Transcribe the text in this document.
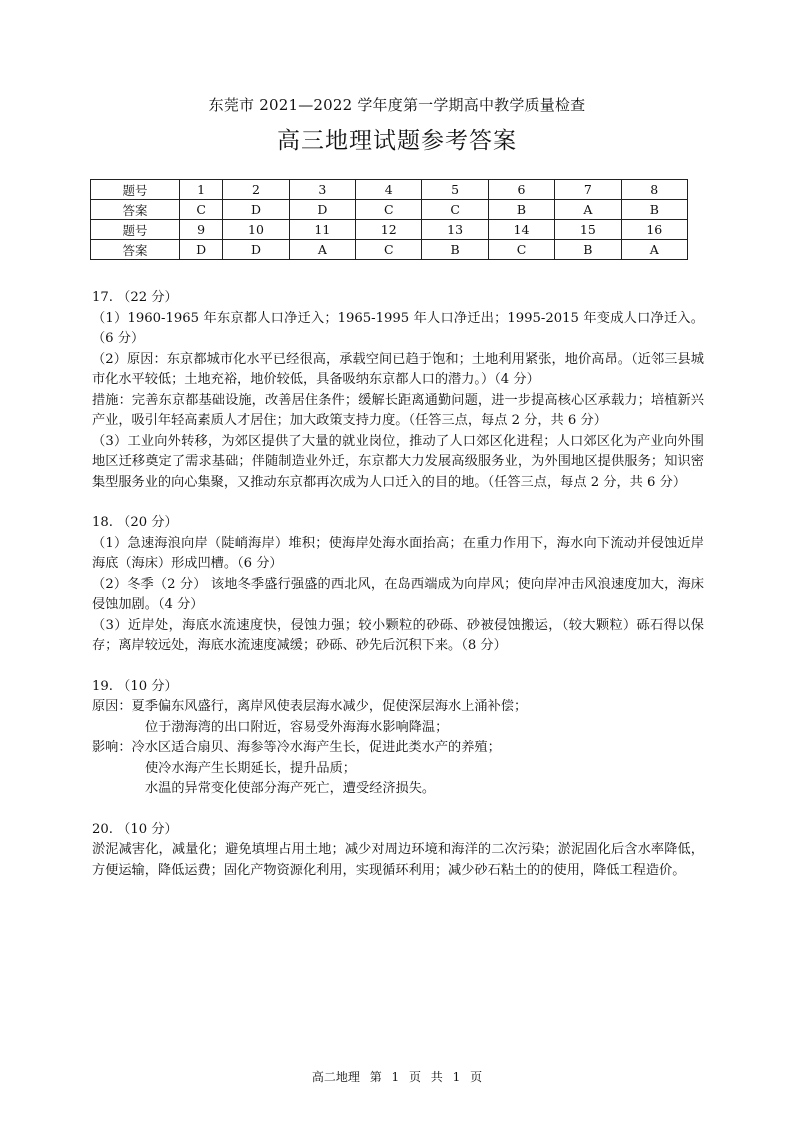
东莞市 2021—2022 学年度第一学期高中教学质量检查
高三地理试题参考答案
题号	1	2	3	4	5	6	7	8
答案	C	D	D	C	C	B	A	B
题号	9	10	11	12	13	14	15	16
答案	D	D	A	C	B	C	B	A

17. （22 分）

（1）1960-1965 年东京都人口净迁入；1965-1995 年人口净迁出；1995-2015 年变成人口净迁入。（6 分）

（2）原因：东京都城市化水平已经很高，承载空间已趋于饱和；土地利用紧张，地价高昂。（近邻三县城市化水平较低；土地充裕，地价较低，具备吸纳东京都人口的潜力。）（4 分）

措施：完善东京都基础设施，改善居住条件；缓解长距离通勤问题，进一步提高核心区承载力；培植新兴产业，吸引年轻高素质人才居住；加大政策支持力度。（任答三点，每点 2 分，共 6 分）

（3）工业向外转移，为郊区提供了大量的就业岗位，推动了人口郊区化进程；人口郊区化为产业向外围地区迁移奠定了需求基础；伴随制造业外迁，东京都大力发展高级服务业，为外围地区提供服务；知识密集型服务业的向心集聚，又推动东京都再次成为人口迁入的目的地。（任答三点，每点 2 分，共 6 分）

18. （20 分）

（1）急速海浪向岸（陡峭海岸）堆积；使海岸处海水面抬高；在重力作用下，海水向下流动并侵蚀近岸海底（海床）形成凹槽。（6 分）

（2）冬季（2 分） 该地冬季盛行强盛的西北风，在岛西端成为向岸风；使向岸冲击风浪速度加大，海床侵蚀加剧。（4 分）

（3）近岸处，海底水流速度快，侵蚀力强；较小颗粒的砂砾、砂被侵蚀搬运，（较大颗粒）砾石得以保存；离岸较远处，海底水流速度减缓；砂砾、砂先后沉积下来。（8 分）

19. （10 分）

原因：夏季偏东风盛行，离岸风使表层海水减少，促使深层海水上涌补偿；

位于渤海湾的出口附近，容易受外海海水影响降温；

影响：冷水区适合扇贝、海参等冷水海产生长，促进此类水产的养殖；

使冷水海产生长期延长，提升品质；

水温的异常变化使部分海产死亡，遭受经济损失。

20. （10 分）

淤泥减害化，减量化；避免填埋占用土地；减少对周边环境和海洋的二次污染；淤泥固化后含水率降低，方便运输，降低运费；固化产物资源化利用，实现循环利用；减少砂石粘土的的使用，降低工程造价。

高二地理 第 1 页 共 1 页
